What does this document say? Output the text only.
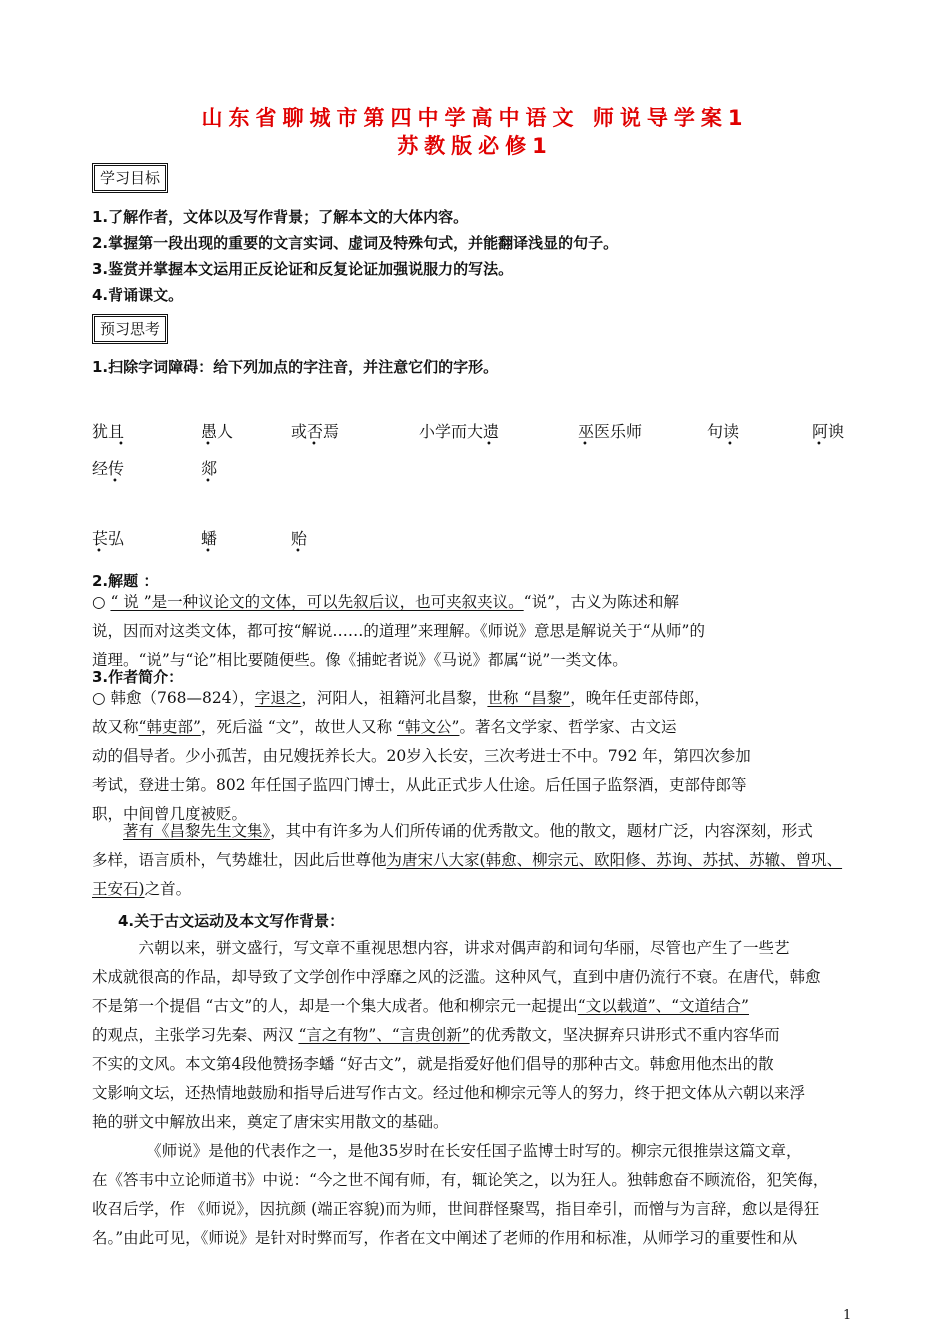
山东省聊城市第四中学高中语文 师说导学案1
苏教版必修1
学习目标
1.了解作者，文体以及写作背景；了解本文的大体内容。
2.掌握第一段出现的重要的文言实词、虚词及特殊句式，并能翻译浅显的句子。
3.鉴赏并掌握本文运用正反论证和反复论证加强说服力的写法。
4.背诵课文。
预习思考
1.扫除字词障碍：给下列加点的字注音，并注意它们的字形。
犹且
•
愚人
•
或否焉
•
小学而大遗
•
巫医乐师
•
句读
•
阿谀
•
经传
•
郯
•
苌弘
•
蟠
•
贻
•
2.解题 ：
○ “ 说 ”是一种议论文的文体，可以先叙后议，也可夹叙夹议。“说”，古义为陈述和解
说，因而对这类文体，都可按“解说……的道理”来理解。《师说》意思是解说关于“从师”的
道理。“说”与“论”相比要随便些。像《捕蛇者说》《马说》都属“说”一类文体。
3.作者简介：
○ 韩愈（768—824），字退之，河阳人，祖籍河北昌黎，世称 “昌黎”，晚年任吏部侍郎，
故又称“韩吏部”，死后溢 “文”，故世人又称 “韩文公”。著名文学家、哲学家、古文运
动的倡导者。少小孤苦，由兄嫂抚养长大。20岁入长安，三次考进士不中。792 年，第四次参加
考试，登进士第。802 年任国子监四门博士，从此正式步人仕途。后任国子监祭酒，吏部侍郎等
职，中间曾几度被贬。
　　著有《昌黎先生文集》，其中有许多为人们所传诵的优秀散文。他的散文，题材广泛，内容深刻，形式
多样，语言质朴，气势雄壮，因此后世尊他为唐宋八大家(韩愈、柳宗元、欧阳修、苏询、苏拭、苏辙、曾巩、
王安石)之首。
4.关于古文运动及本文写作背景：
　　　六朝以来，骈文盛行，写文章不重视思想内容，讲求对偶声韵和词句华丽，尽管也产生了一些艺
术成就很高的作品，却导致了文学创作中浮靡之风的泛滥。这种风气，直到中唐仍流行不衰。在唐代，韩愈
不是第一个提倡 “古文”的人，却是一个集大成者。他和柳宗元一起提出“文以载道”、“文道结合”
的观点，主张学习先秦、两汉 “言之有物”、“言贵创新”的优秀散文，坚决摒弃只讲形式不重内容华而
不实的文风。本文第4段他赞扬李蟠 “好古文”，就是指爱好他们倡导的那种古文。韩愈用他杰出的散
文影响文坛，还热情地鼓励和指导后进写作古文。经过他和柳宗元等人的努力，终于把文体从六朝以来浮
艳的骈文中解放出来，奠定了唐宋实用散文的基础。
　　　　《师说》是他的代表作之一，是他35岁时在长安任国子监博士时写的。柳宗元很推崇这篇文章，
在《答韦中立论师道书》中说：“今之世不闻有师，有，辄论笑之，以为狂人。独韩愈奋不顾流俗，犯笑侮，
收召后学，作 《师说》，因抗颜 (端正容貌)而为师，世间群怪聚骂，指目牵引，而憎与为言辞，愈以是得狂
名。”由此可见，《师说》是针对时弊而写，作者在文中阐述了老师的作用和标准，从师学习的重要性和从
1
